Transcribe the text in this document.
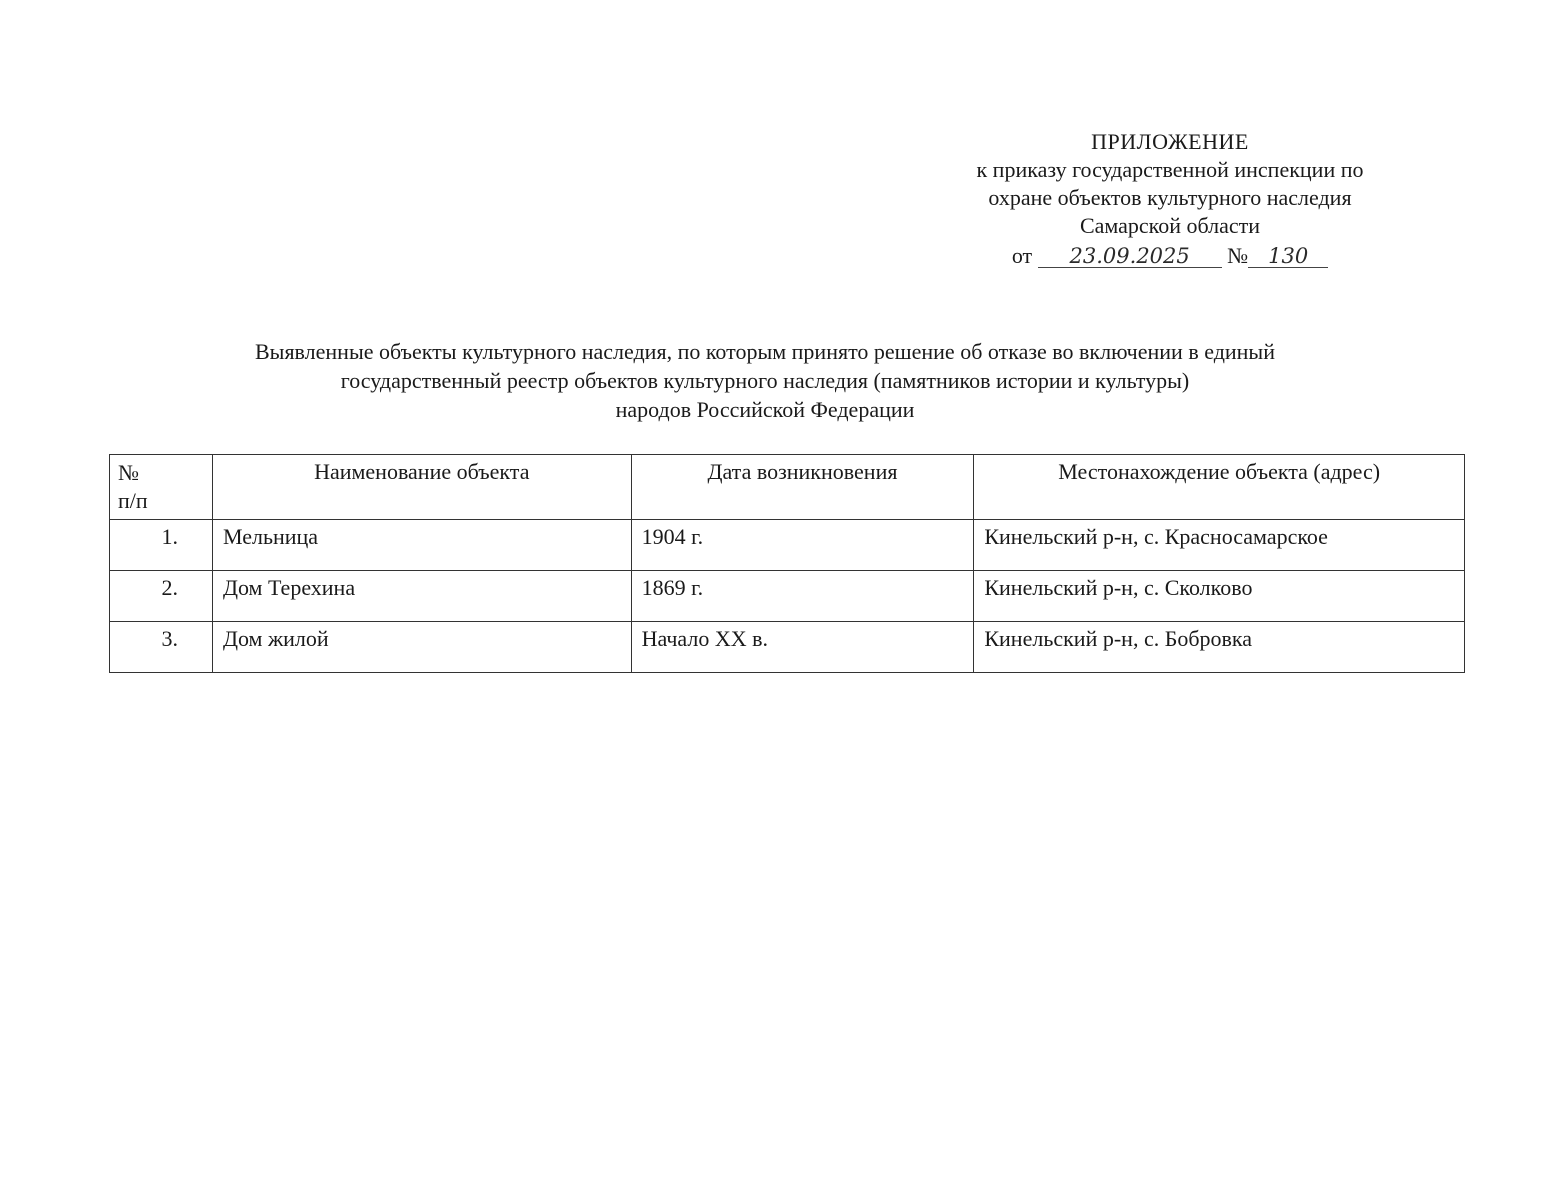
ПРИЛОЖЕНИЕ
к приказу государственной инспекции по
охране объектов культурного наследия
Самарской области
от 23.09.2025 № 130
Выявленные объекты культурного наследия, по которым принято решение об отказе во включении в единый
государственный реестр объектов культурного наследия (памятников истории и культуры)
народов Российской Федерации
№
п/п	Наименование объекта	Дата возникновения	Местонахождение объекта (адрес)
1.	Мельница	1904 г.	Кинельский р-н, с. Красносамарское
2.	Дом Терехина	1869 г.	Кинельский р-н, с. Сколково
3.	Дом жилой	Начало XX в.	Кинельский р-н, с. Бобровка
